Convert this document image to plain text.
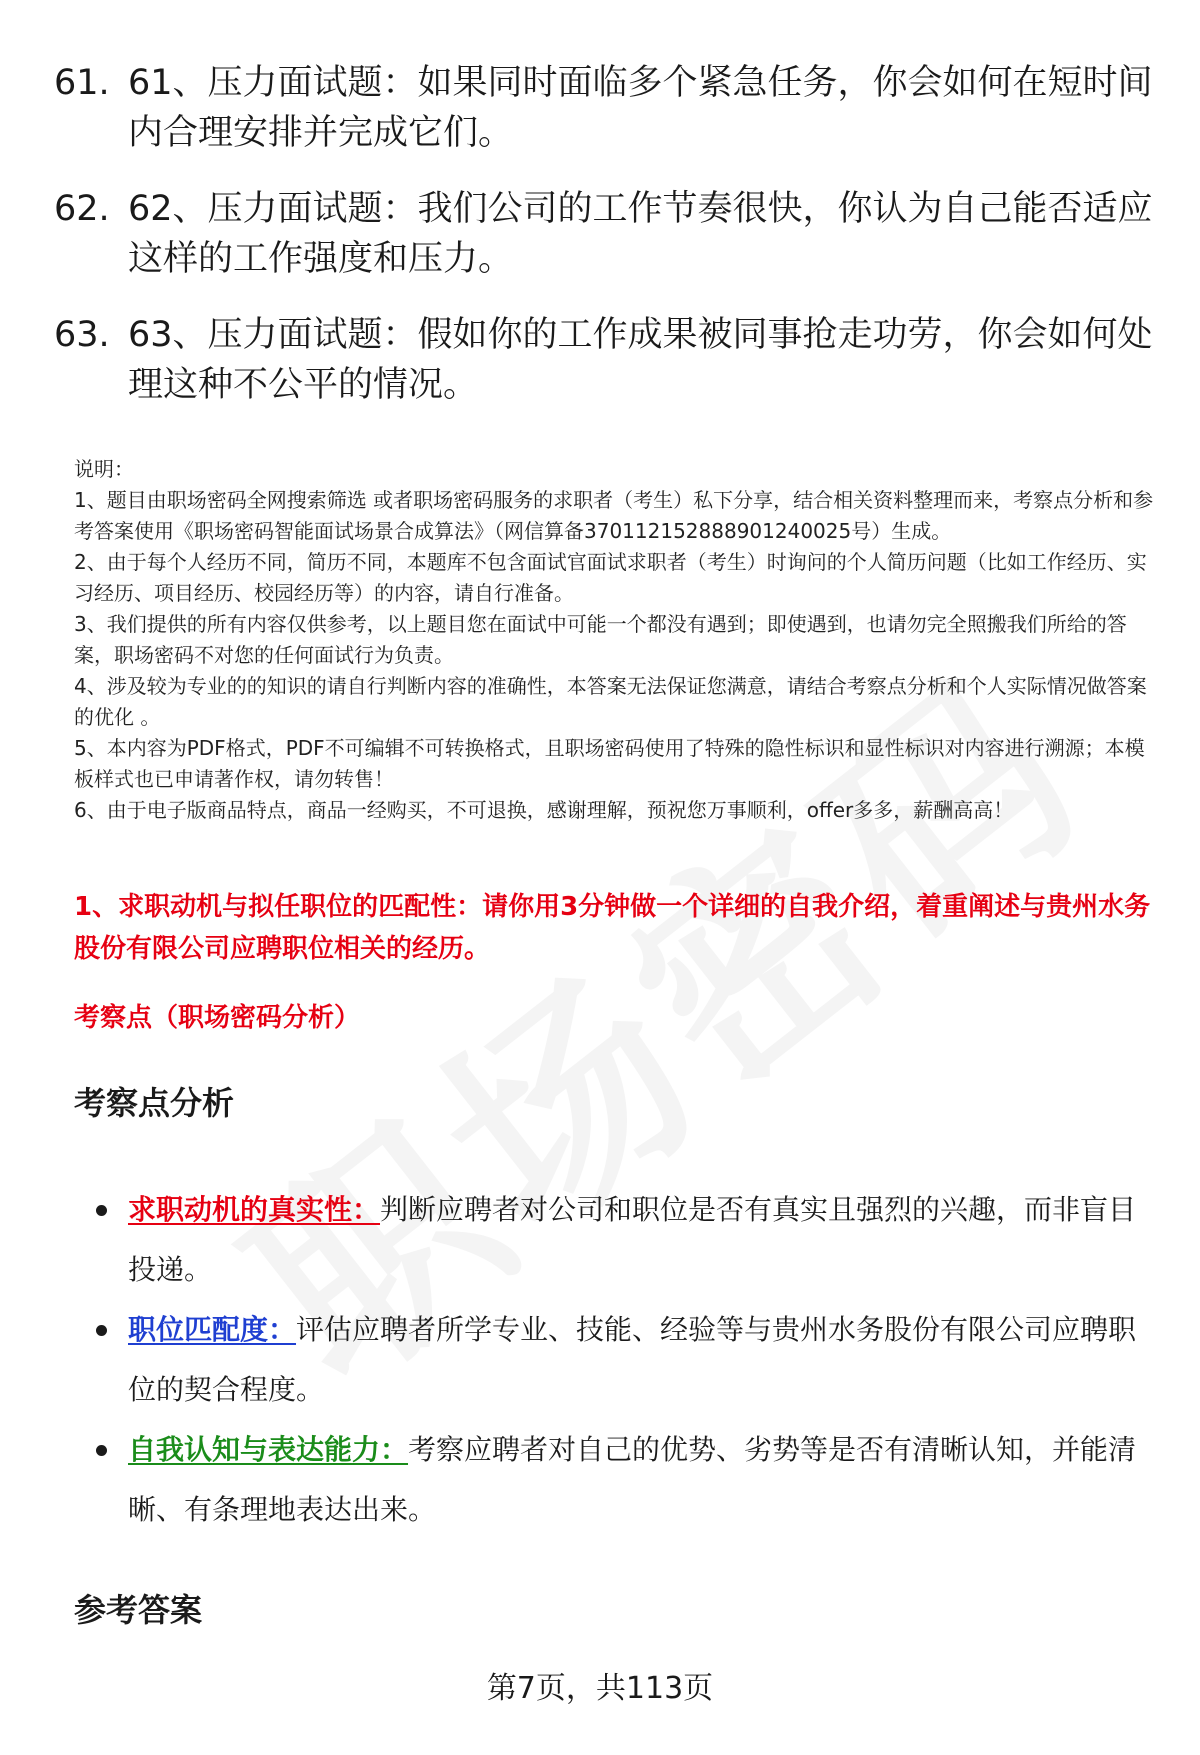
61. 61、压力面试题：如果同时面临多个紧急任务，你会如何在短时间内合理安排并完成它们。
62. 62、压力面试题：我们公司的工作节奏很快，你认为自己能否适应这样的工作强度和压力。
63. 63、压力面试题：假如你的工作成果被同事抢走功劳，你会如何处理这种不公平的情况。

说明：

1、题目由职场密码全网搜索筛选 或者职场密码服务的求职者（考生）私下分享，结合相关资料整理而来，考察点分析和参考答案使用《职场密码智能面试场景合成算法》（网信算备370112152888901240025号）生成。

2、由于每个人经历不同，简历不同，本题库不包含面试官面试求职者（考生）时询问的个人简历问题（比如工作经历、实习经历、项目经历、校园经历等）的内容，请自行准备。

3、我们提供的所有内容仅供参考，以上题目您在面试中可能一个都没有遇到；即使遇到，也请勿完全照搬我们所给的答案，职场密码不对您的任何面试行为负责。

4、涉及较为专业的的知识的请自行判断内容的准确性，本答案无法保证您满意，请结合考察点分析和个人实际情况做答案的优化 。

5、本内容为PDF格式，PDF不可编辑不可转换格式，且职场密码使用了特殊的隐性标识和显性标识对内容进行溯源；本模板样式也已申请著作权，请勿转售！

6、由于电子版商品特点，商品一经购买，不可退换，感谢理解，预祝您万事顺利，offer多多，薪酬高高！

1、求职动机与拟任职位的匹配性：请你用3分钟做一个详细的自我介绍，着重阐述与贵州水务股份有限公司应聘职位相关的经历。
考察点（职场密码分析）
考察点分析
求职动机的真实性：判断应聘者对公司和职位是否有真实且强烈的兴趣，而非盲目投递。
职位匹配度：评估应聘者所学专业、技能、经验等与贵州水务股份有限公司应聘职位的契合程度。
自我认知与表达能力：考察应聘者对自己的优势、劣势等是否有清晰认知，并能清晰、有条理地表达出来。
参考答案
第7页，共113页
